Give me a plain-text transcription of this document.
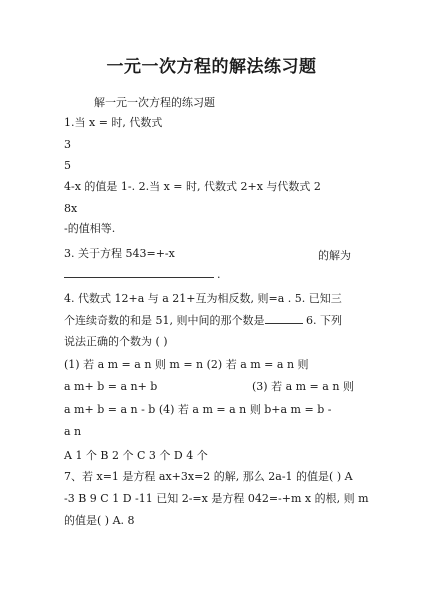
一元一次方程的解法练习题
解一元一次方程的练习题
1.当 x = 时, 代数式
3
5
4-x 的值是 1-. 2.当 x = 时, 代数式 2+x 与代数式 2
8x
-的值相等.
3. 关于方程 543=+-x	的解为
.
4. 代数式 12+a 与 a 21+互为相反数, 则=a . 5. 已知三
个连续奇数的和是 51, 则中间的那个数是	6. 下列
说法正确的个数为 ( )
(1) 若 a m = a n 则 m = n (2) 若 a m = a n 则
a m+ b = a n+ b	(3) 若 a m = a n 则
a m+ b = a n - b (4) 若 a m = a n 则 b+a m = b -
a n
A 1 个 B 2 个 C 3 个 D 4 个
7、若 x=1 是方程 ax+3x=2 的解, 那么 2a-1 的值是( ) A
-3 B 9 C 1 D -11 已知 2-=x 是方程 042=-+m x 的根, 则 m
的值是( ) A. 8
